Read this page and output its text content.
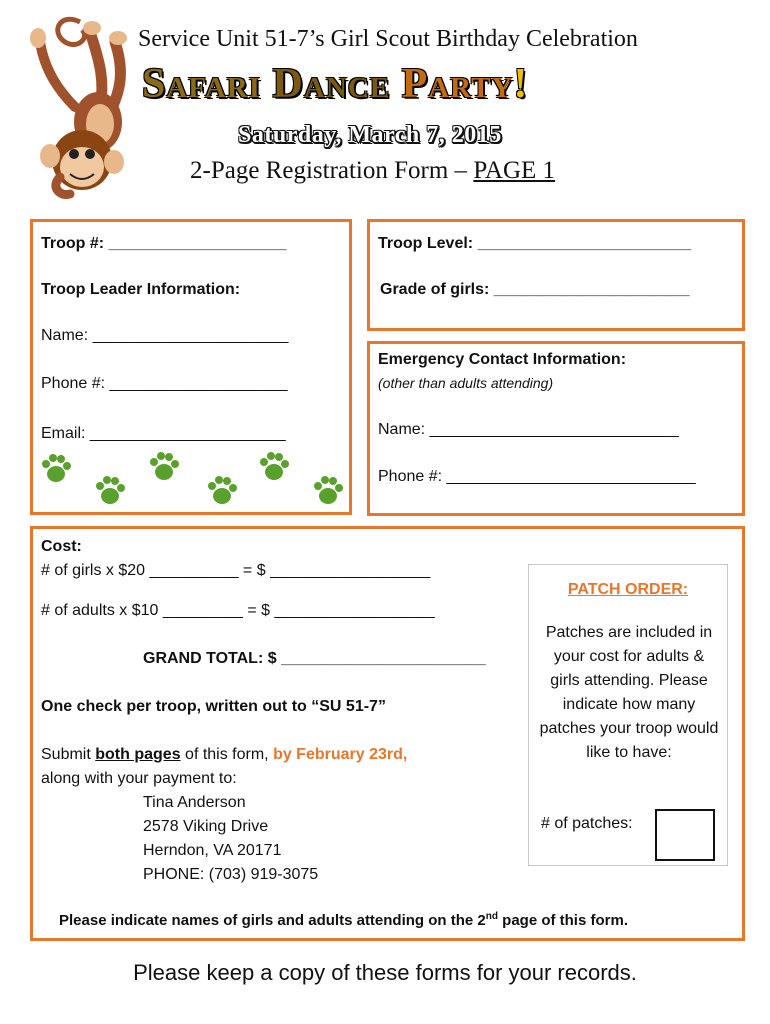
Service Unit 51-7’s Girl Scout Birthday Celebration
Safari Dance Party!
Saturday, March 7, 2015
2-Page Registration Form – PAGE 1
Troop #: ____________________
Troop Leader Information:
Name: ______________________
Phone #: ____________________
Email: ______________________
Troop Level: ________________________
Grade of girls: ______________________
Emergency Contact Information:
(other than adults attending)
Name: ____________________________
Phone #: ____________________________
Cost:
# of girls x $20 __________ = $ __________________
# of adults x $10 _________ = $ __________________
GRAND TOTAL: $ _______________________
One check per troop, written out to “SU 51-7”
Submit both pages of this form, by February 23rd,
along with your payment to:
Tina Anderson
2578 Viking Drive
Herndon, VA 20171
PHONE: (703) 919-3075
Please indicate names of girls and adults attending on the 2nd page of this form.
PATCH ORDER:
Patches are included in your cost for adults & girls attending. Please indicate how many patches your troop would like to have:
# of patches:
Please keep a copy of these forms for your records.
